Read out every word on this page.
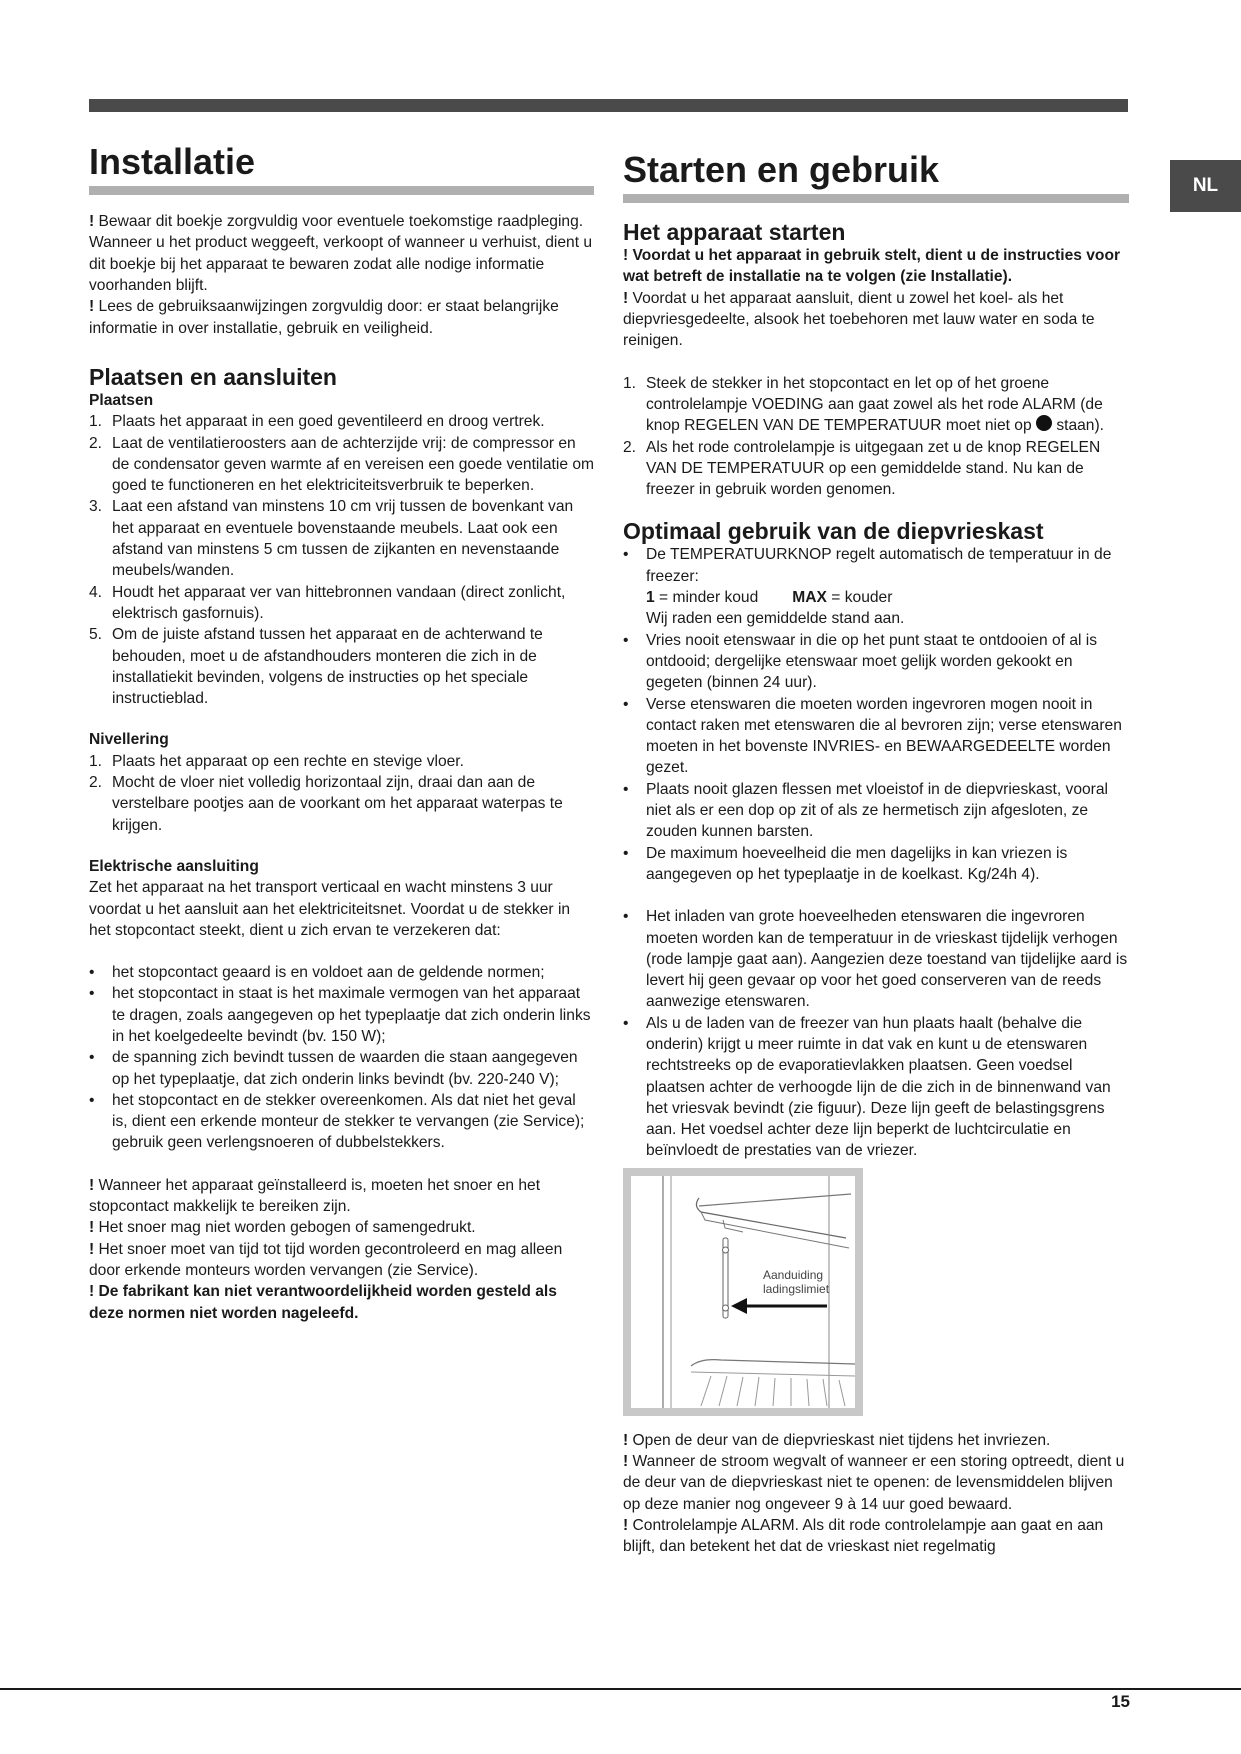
NL
Installatie

! Bewaar dit boekje zorgvuldig voor eventuele toekomstige raadpleging. Wanneer u het product weggeeft, verkoopt of wanneer u verhuist, dient u dit boekje bij het apparaat te bewaren zodat alle nodige informatie voorhanden blijft.

! Lees de gebruiksaanwijzingen zorgvuldig door: er staat belangrijke informatie in over installatie, gebruik en veiligheid.

Plaatsen en aansluiten
Plaatsen
1. Plaats het apparaat in een goed geventileerd en droog vertrek.
2. Laat de ventilatieroosters aan de achterzijde vrij: de compressor en de condensator geven warmte af en vereisen een goede ventilatie om goed te functioneren en het elektriciteitsverbruik te beperken.
3. Laat een afstand van minstens 10 cm vrij tussen de bovenkant van het apparaat en eventuele bovenstaande meubels. Laat ook een afstand van minstens 5 cm tussen de zijkanten en nevenstaande meubels/wanden.
4. Houdt het apparaat ver van hittebronnen vandaan (direct zonlicht, elektrisch gasfornuis).
5. Om de juiste afstand tussen het apparaat en de achterwand te behouden, moet u de afstandhouders monteren die zich in de installatiekit bevinden, volgens de instructies op het speciale instructieblad.
Nivellering
1. Plaats het apparaat op een rechte en stevige vloer.
2. Mocht de vloer niet volledig horizontaal zijn, draai dan aan de verstelbare pootjes aan de voorkant om het apparaat waterpas te krijgen.
Elektrische aansluiting

Zet het apparaat na het transport verticaal en wacht minstens 3 uur voordat u het aansluit aan het elektriciteitsnet. Voordat u de stekker in het stopcontact steekt, dient u zich ervan te verzekeren dat:

• het stopcontact geaard is en voldoet aan de geldende normen;
• het stopcontact in staat is het maximale vermogen van het apparaat te dragen, zoals aangegeven op het typeplaatje dat zich onderin links in het koelgedeelte bevindt (bv. 150 W);
• de spanning zich bevindt tussen de waarden die staan aangegeven op het typeplaatje, dat zich onderin links bevindt (bv. 220-240 V);
• het stopcontact en de stekker overeenkomen. Als dat niet het geval is, dient een erkende monteur de stekker te vervangen (zie Service); gebruik geen verlengsnoeren of dubbelstekkers.

! Wanneer het apparaat geïnstalleerd is, moeten het snoer en het stopcontact makkelijk te bereiken zijn.

! Het snoer mag niet worden gebogen of samengedrukt.

! Het snoer moet van tijd tot tijd worden gecontroleerd en mag alleen door erkende monteurs worden vervangen (zie Service).

! De fabrikant kan niet verantwoordelijkheid worden gesteld als deze normen niet worden nageleefd.

Starten en gebruik
Het apparaat starten

! Voordat u het apparaat in gebruik stelt, dient u de instructies voor wat betreft de installatie na te volgen (zie Installatie).

! Voordat u het apparaat aansluit, dient u zowel het koel- als het diepvriesgedeelte, alsook het toebehoren met lauw water en soda te reinigen.

1. Steek de stekker in het stopcontact en let op of het groene controlelampje VOEDING aan gaat zowel als het rode ALARM (de knop REGELEN VAN DE TEMPERATUUR moet niet op staan).
2. Als het rode controlelampje is uitgegaan zet u de knop REGELEN VAN DE TEMPERATUUR op een gemiddelde stand. Nu kan de freezer in gebruik worden genomen.
Optimaal gebruik van de diepvrieskast
• De TEMPERATUURKNOP regelt automatisch de temperatuur in de freezer:
1 = minder koud MAX = kouder
Wij raden een gemiddelde stand aan.
• Vries nooit etenswaar in die op het punt staat te ontdooien of al is ontdooid; dergelijke etenswaar moet gelijk worden gekookt en gegeten (binnen 24 uur).
• Verse etenswaren die moeten worden ingevroren mogen nooit in contact raken met etenswaren die al bevroren zijn; verse etenswaren moeten in het bovenste INVRIES- en BEWAARGEDEELTE worden gezet.
• Plaats nooit glazen flessen met vloeistof in de diepvrieskast, vooral niet als er een dop op zit of als ze hermetisch zijn afgesloten, ze zouden kunnen barsten.
• De maximum hoeveelheid die men dagelijks in kan vriezen is aangegeven op het typeplaatje in de koelkast. Kg/24h 4).
• Het inladen van grote hoeveelheden etenswaren die ingevroren moeten worden kan de temperatuur in de vrieskast tijdelijk verhogen (rode lampje gaat aan). Aangezien deze toestand van tijdelijke aard is levert hij geen gevaar op voor het goed conserveren van de reeds aanwezige etenswaren.
• Als u de laden van de freezer van hun plaats haalt (behalve die onderin) krijgt u meer ruimte in dat vak en kunt u de etenswaren rechtstreeks op de evaporatievlakken plaatsen. Geen voedsel plaatsen achter de verhoogde lijn de die zich in de binnenwand van het vriesvak bevindt (zie figuur). Deze lijn geeft de belastingsgrens aan. Het voedsel achter deze lijn beperkt de luchtcirculatie en beïnvloedt de prestaties van de vriezer.
Aanduiding
ladingslimiet

! Open de deur van de diepvrieskast niet tijdens het invriezen.

! Wanneer de stroom wegvalt of wanneer er een storing optreedt, dient u de deur van de diepvrieskast niet te openen: de levensmiddelen blijven op deze manier nog ongeveer 9 à 14 uur goed bewaard.

! Controlelampje ALARM. Als dit rode controlelampje aan gaat en aan blijft, dan betekent het dat de vrieskast niet regelmatig

15
